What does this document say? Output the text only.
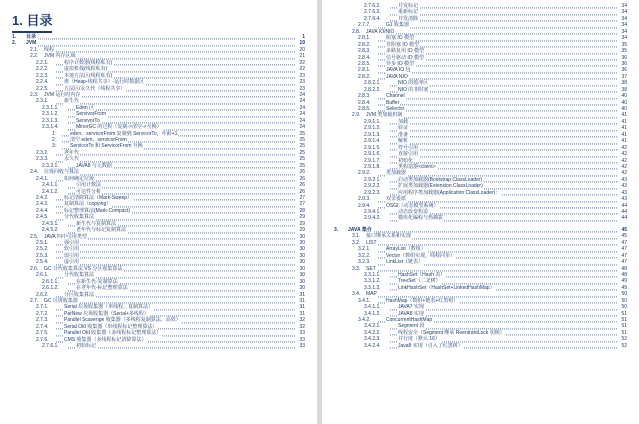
1. 目录
1. 目录	1
2. JVM	19
2.1. 线程	20
2.2. JVM 内存区域	21
2.2.1.	程序计数器(线程私有)	22
2.2.2.	虚拟机栈(线程私有)	22
2.2.3.	本地方法区(线程私有)	23
2.2.4.	堆（Heap-线程共享）-运行时数据区	23
2.2.5.	方法区/永久代（线程共享）	23
2.3. JVM 运行时内存	24
2.3.1.	新生代	24
2.3.1.1.	Eden 区	24
2.3.1.2.	ServivorFrom	24
2.3.1.3.	ServivorTo	24
2.3.1.4.	MinorGC 的过程（复制->清空->互换）	24
1： eden、servicorFrom 复制到 ServicorTo，年龄+1	25
2： 清空 eden、servicorFrom	25
3： ServicorTo 和 ServicorFrom 互换	25
2.3.2.	老年代	25
2.3.3.	永久代	25
2.3.3.1.	JAVA8 与元数据	25
2.4. 垃圾回收与算法	26
2.4.1.	如何确定垃圾	26
2.4.1.1.	引用计数法	26
2.4.1.2.	可达性分析	26
2.4.2.	标记清除算法（Mark-Sweep）	27
2.4.3.	复制算法（copying）	27
2.4.4.	标记整理算法(Mark-Compact)	28
2.4.5.	分代收集算法	29
2.4.5.1.	新生代与复制算法	29
2.4.5.2.	老年代与标记复制算法	29
2.5. JAVA 四中引用类型	30
2.5.1.	强引用	30
2.5.2.	软引用	30
2.5.3.	弱引用	30
2.5.4.	虚引用	30
2.6. GC 分代收集算法 VS 分区收集算法	30
2.6.1.	分代收集算法	30
2.6.1.1.	在新生代-复制算法	30
2.6.1.2.	在老年代-标记整理算法	30
2.6.2.	分区收集算法	31
2.7. GC 垃圾收集器	31
2.7.1.	Serial 垃圾收集器（单线程、复制算法）	31
2.7.2.	ParNew 垃圾收集器（Serial+多线程）	31
2.7.3.	Parallel Scavenge 收集器（多线程复制算法、高效）	32
2.7.4.	Serial Old 收集器（单线程标记整理算法）	32
2.7.5.	Parallel Old 收集器（多线程标记整理算法）	33
2.7.6.	CMS 收集器（多线程标记清除算法）	33
2.7.6.1.	初始标记	33
2.7.6.2.	并发标记	34
2.7.6.3.	重新标记	34
2.7.6.4.	并发清除	34
2.7.7.	G1 收集器	34
2.8. JAVA IO/NIO	34
2.8.1.	阻塞 IO 模型	34
2.8.2.	非阻塞 IO 模型	35
2.8.3.	多路复用 IO 模型	35
2.8.4.	信号驱动 IO 模型	36
2.8.5.	异步 IO 模型	36
2.8.1.	JAVA IO 包	36
2.8.2.	JAVA NIO	37
2.8.2.1.	NIO 的缓冲区	38
2.8.2.2.	NIO 的非阻塞	38
2.8.3.	Channel	40
2.8.4.	Buffer	40
2.8.5.	Selector	40
2.9. JVM 类加载机制	41
2.9.1.1.	加载	41
2.9.1.2.	验证	41
2.9.1.3.	准备	41
2.9.1.4.	解析	41
2.9.1.5.	符号引用	42
2.9.1.6.	直接引用	42
2.9.1.7.	初始化	42
2.9.1.8.	类构造器<client>	42
2.9.2.	类加载器	42
2.9.2.1.	启动类加载器(Bootstrap ClassLoader)	43
2.9.2.2.	扩展类加载器(Extension ClassLoader)	43
2.9.2.3.	应用程序类加载器(Application ClassLoader)：	43
2.9.3.	双亲委派	43
2.9.4.	OSGI（动态模型系统）	44
2.9.4.1.	动态改变构造	44
2.9.4.2.	模块化编程与热插拔	44
3. JAVA 集合	45
3.1. 接口继承关系和实现	45
3.2. LIST	47
3.2.1.	ArrayList（数组）	47
3.2.2.	Vector（数组实现、线程同步）	47
3.2.3.	LinkList（链表）	47
3.3. SET	48
3.3.1.1.	HashSet（Hash 表）	48
3.3.1.2.	TreeSet（二叉树）	49
3.3.1.3.	LinkHashSet（HashSet+LinkedHashMap）	49
3.4. MAP	50
3.4.1.	HashMap（数组+链表+红黑树）	50
3.4.1.1.	JAVA7 实现	50
3.4.1.2.	JAVA8 实现	51
3.4.2.	ConcurrentHashMap	51
3.4.2.1.	Segment 段	51
3.4.2.2.	线程安全（Segment 继承 ReentrantLock 加锁）	51
3.4.2.3.	并行度（默认 16）	52
3.4.2.4.	Java8 实现（引入了红黑树）	52
